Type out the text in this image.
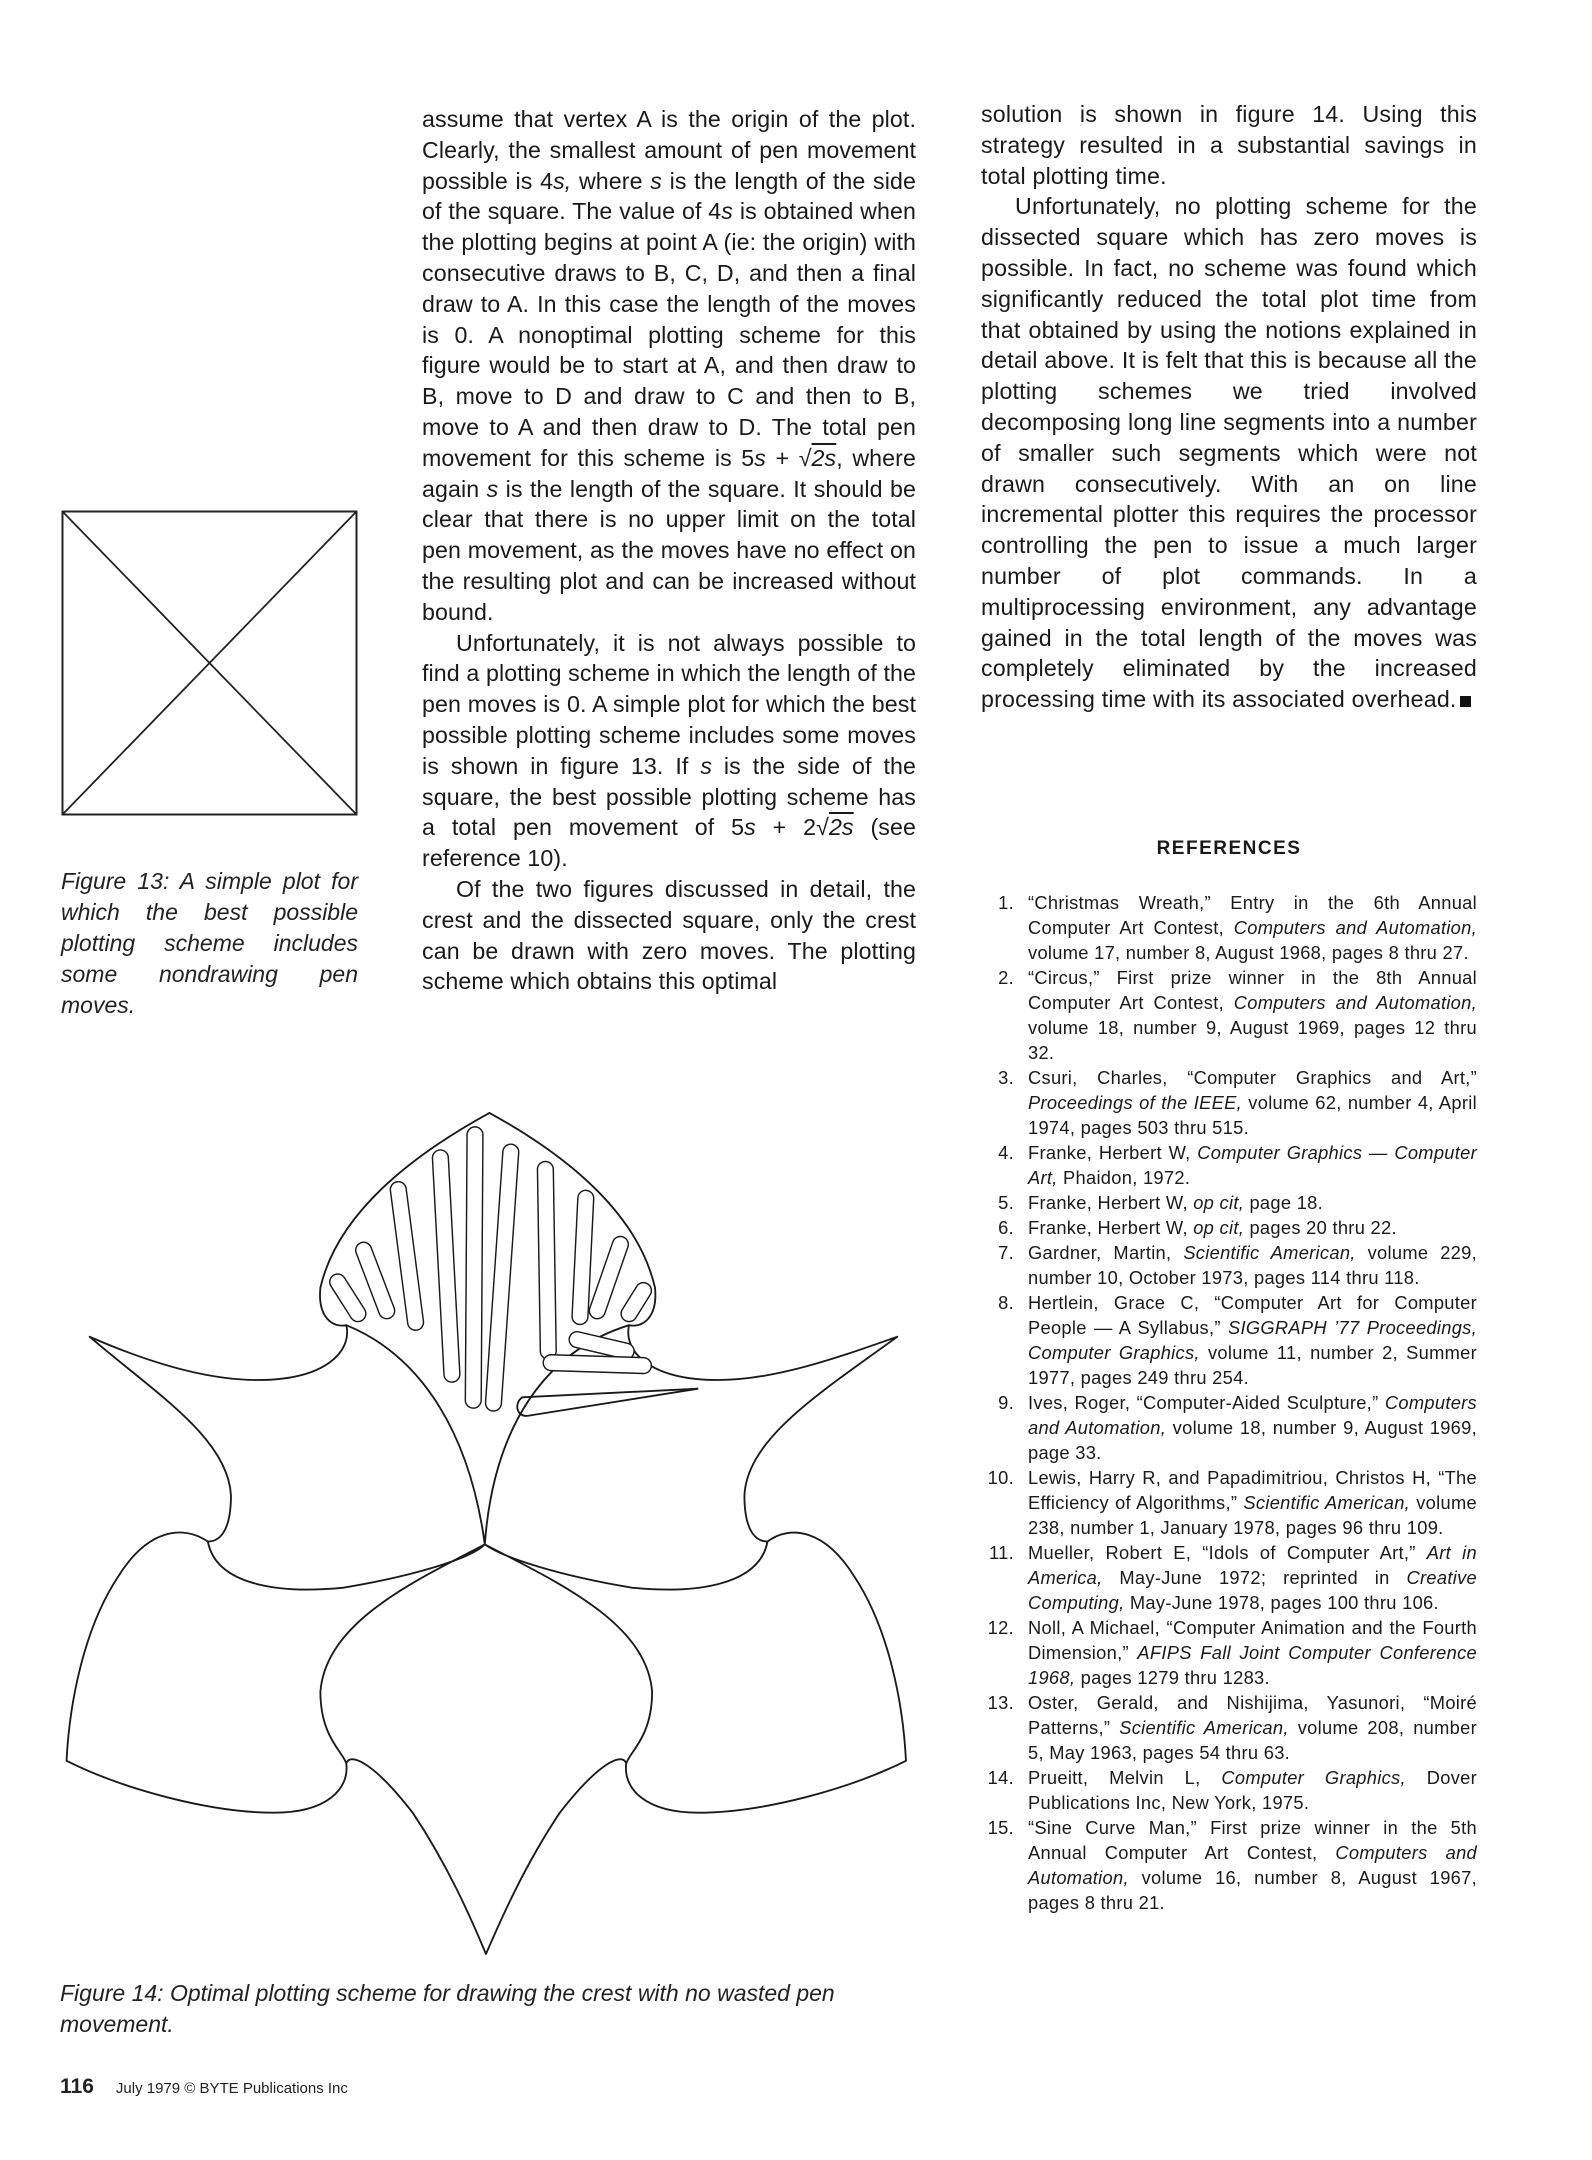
assume that vertex A is the origin of the plot. Clearly, the smallest amount of pen movement possible is 4s, where s is the length of the side of the square. The value of 4s is obtained when the plotting begins at point A (ie: the origin) with consecutive draws to B, C, D, and then a final draw to A. In this case the length of the moves is 0. A nonoptimal plotting scheme for this figure would be to start at A, and then draw to B, move to D and draw to C and then to B, move to A and then draw to D. The total pen movement for this scheme is 5s + √2s, where again s is the length of the square. It should be clear that there is no upper limit on the total pen movement, as the moves have no effect on the resulting plot and can be increased without bound.

Unfortunately, it is not always possible to find a plotting scheme in which the length of the pen moves is 0. A simple plot for which the best possible plotting scheme includes some moves is shown in figure 13. If s is the side of the square, the best possible plotting scheme has a total pen movement of 5s + 2√2s (see reference 10).

Of the two figures discussed in detail, the crest and the dissected square, only the crest can be drawn with zero moves. The plotting scheme which obtains this optimal

solution is shown in figure 14. Using this strategy resulted in a substantial savings in total plotting time.

Unfortunately, no plotting scheme for the dissected square which has zero moves is possible. In fact, no scheme was found which significantly reduced the total plot time from that obtained by using the notions explained in detail above. It is felt that this is because all the plotting schemes we tried involved decomposing long line segments into a number of smaller such segments which were not drawn consecutively. With an on line incremental plotter this requires the processor controlling the pen to issue a much larger number of plot commands. In a multiprocessing environment, any advantage gained in the total length of the moves was completely eliminated by the increased processing time with its associated overhead.

Figure 13: A simple plot for which the best possible plotting scheme includes some nondrawing pen moves.
Figure 14: Optimal plotting scheme for drawing the crest with no wasted pen movement.
REFERENCES
1. “Christmas Wreath,” Entry in the 6th Annual Computer Art Contest, Computers and Automation, volume 17, number 8, August 1968, pages 8 thru 27.
2. “Circus,” First prize winner in the 8th Annual Computer Art Contest, Computers and Automation, volume 18, number 9, August 1969, pages 12 thru 32.
3. Csuri, Charles, “Computer Graphics and Art,” Proceedings of the IEEE, volume 62, number 4, April 1974, pages 503 thru 515.
4. Franke, Herbert W, Computer Graphics — Computer Art, Phaidon, 1972.
5. Franke, Herbert W, op cit, page 18.
6. Franke, Herbert W, op cit, pages 20 thru 22.
7. Gardner, Martin, Scientific American, volume 229, number 10, October 1973, pages 114 thru 118.
8. Hertlein, Grace C, “Computer Art for Computer People — A Syllabus,” SIGGRAPH ’77 Proceedings, Computer Graphics, volume 11, number 2, Summer 1977, pages 249 thru 254.
9. Ives, Roger, “Computer-Aided Sculpture,” Computers and Automation, volume 18, number 9, August 1969, page 33.
10. Lewis, Harry R, and Papadimitriou, Christos H, “The Efficiency of Algorithms,” Scientific American, volume 238, number 1, January 1978, pages 96 thru 109.
11. Mueller, Robert E, “Idols of Computer Art,” Art in America, May-June 1972; reprinted in Creative Computing, May-June 1978, pages 100 thru 106.
12. Noll, A Michael, “Computer Animation and the Fourth Dimension,” AFIPS Fall Joint Computer Conference 1968, pages 1279 thru 1283.
13. Oster, Gerald, and Nishijima, Yasunori, “Moiré Patterns,” Scientific American, volume 208, number 5, May 1963, pages 54 thru 63.
14. Prueitt, Melvin L, Computer Graphics, Dover Publications Inc, New York, 1975.
15. “Sine Curve Man,” First prize winner in the 5th Annual Computer Art Contest, Computers and Automation, volume 16, number 8, August 1967, pages 8 thru 21.
116 July 1979 © BYTE Publications Inc
